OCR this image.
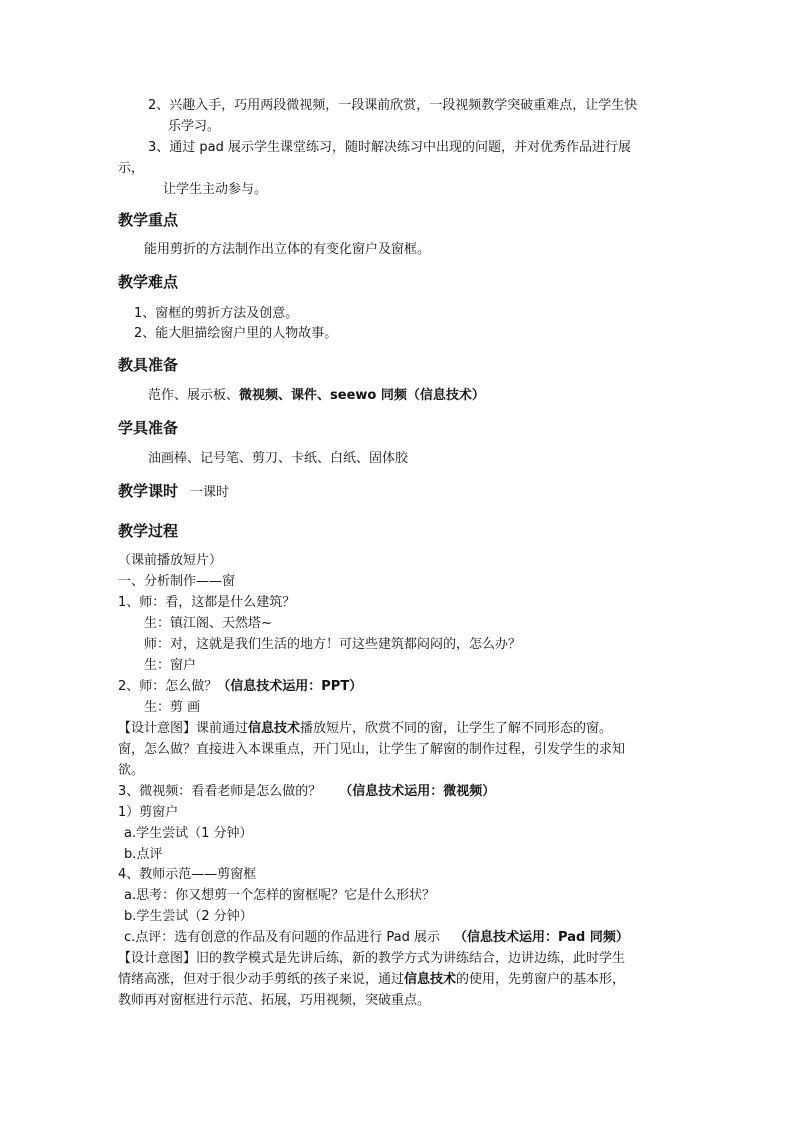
2、兴趣入手，巧用两段微视频，一段课前欣赏，一段视频教学突破重难点，让学生快
乐学习。
3、通过 pad 展示学生课堂练习，随时解决练习中出现的问题，并对优秀作品进行展
示，
让学生主动参与。
教学重点
能用剪折的方法制作出立体的有变化窗户及窗框。
教学难点
1、窗框的剪折方法及创意。
2、能大胆描绘窗户里的人物故事。
教具准备
范作、展示板、微视频、课件、seewo 同频（信息技术）
学具准备
油画棒、记号笔、剪刀、卡纸、白纸、固体胶
教学课时 一课时
教学过程
（课前播放短片）
一、分析制作——窗
1、师：看，这都是什么建筑？
生：镇江阁、天然塔~
师：对，这就是我们生活的地方！可这些建筑都闷闷的，怎么办？
生：窗户
2、师：怎么做？（信息技术运用：PPT）
生：剪 画
【设计意图】课前通过信息技术播放短片，欣赏不同的窗，让学生了解不同形态的窗。
窗，怎么做？直接进入本课重点，开门见山，让学生了解窗的制作过程，引发学生的求知
欲。
3、微视频：看看老师是怎么做的？ （信息技术运用：微视频）
1）剪窗户
a.学生尝试（1 分钟）
b.点评
4、教师示范——剪窗框
a.思考：你又想剪一个怎样的窗框呢？它是什么形状？
b.学生尝试（2 分钟）
c.点评：选有创意的作品及有问题的作品进行 Pad 展示 （信息技术运用：Pad 同频）
【设计意图】旧的教学模式是先讲后练，新的教学方式为讲练结合，边讲边练，此时学生
情绪高涨，但对于很少动手剪纸的孩子来说，通过信息技术的使用，先剪窗户的基本形，
教师再对窗框进行示范、拓展，巧用视频，突破重点。
